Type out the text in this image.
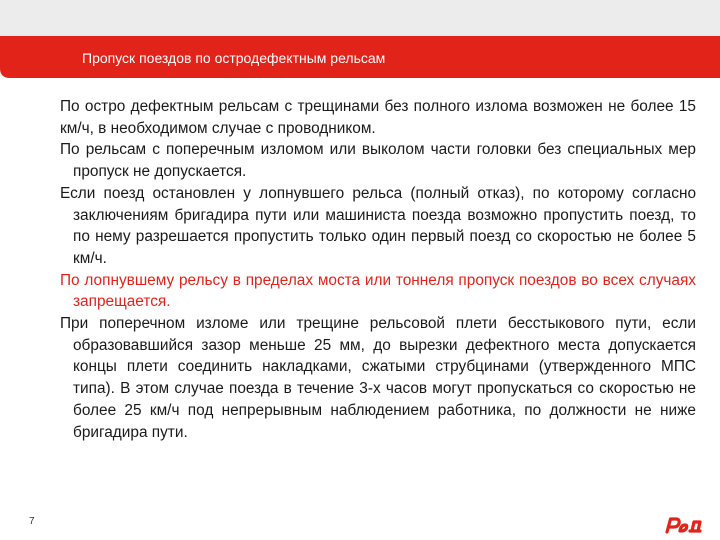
Пропуск поездов по остродефектным рельсам
По остро дефектным рельсам с трещинами без полного излома возможен не более 15 км/ч, в необходимом случае с проводником.
По рельсам с поперечным изломом или выколом части головки без специальных мер пропуск не допускается.
Если поезд остановлен у лопнувшего рельса (полный отказ), по которому согласно заключениям бригадира пути или машиниста поезда возможно пропустить поезд, то по нему разрешается пропустить только один первый поезд со скоростью не более 5 км/ч.
По лопнувшему рельсу в пределах моста или тоннеля пропуск поездов во всех случаях запрещается.
При поперечном изломе или трещине рельсовой плети бесстыкового пути, если образовавшийся зазор меньше 25 мм, до вырезки дефектного места допускается концы плети соединить накладками, сжатыми струбцинами (утвержденного МПС типа). В этом случае поезда в течение 3-х часов могут пропускаться со скоростью не более 25 км/ч под непрерывным наблюдением работника, по должности не ниже бригадира пути.
7
